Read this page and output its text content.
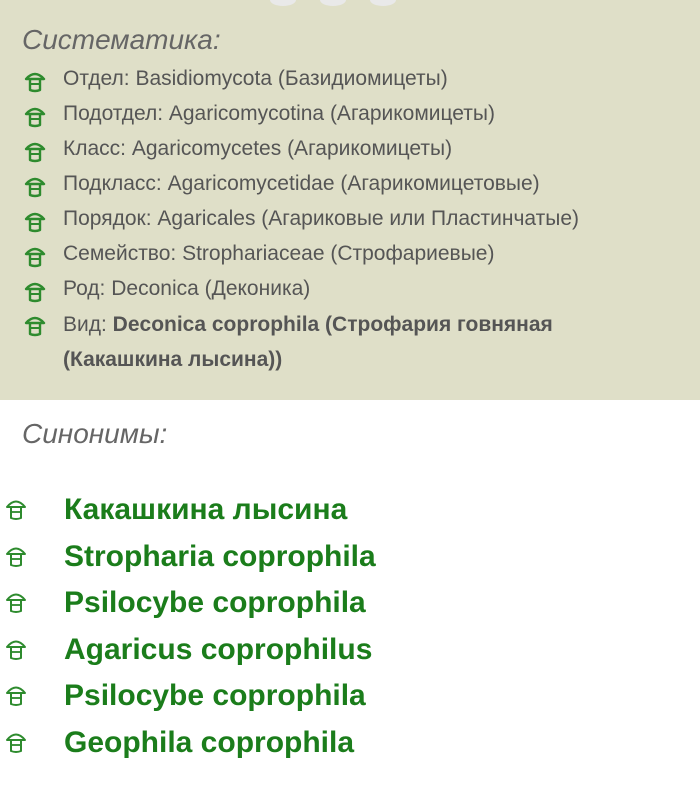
Систематика:
Отдел: Basidiomycota (Базидиомицеты)
Подотдел: Agaricomycotina (Агарикомицеты)
Класс: Agaricomycetes (Агарикомицеты)
Подкласс: Agaricomycetidae (Агарикомицетовые)
Порядок: Agaricales (Агариковые или Пластинчатые)
Семейство: Strophariaceae (Строфариевые)
Род: Deconica (Деконика)
Вид: Deconica coprophila (Строфария говняная (Какашкина лысина))
Синонимы:
Какашкина лысина
Stropharia coprophila
Psilocybe coprophila
Agaricus coprophilus
Psilocybe coprophila
Geophila coprophila
